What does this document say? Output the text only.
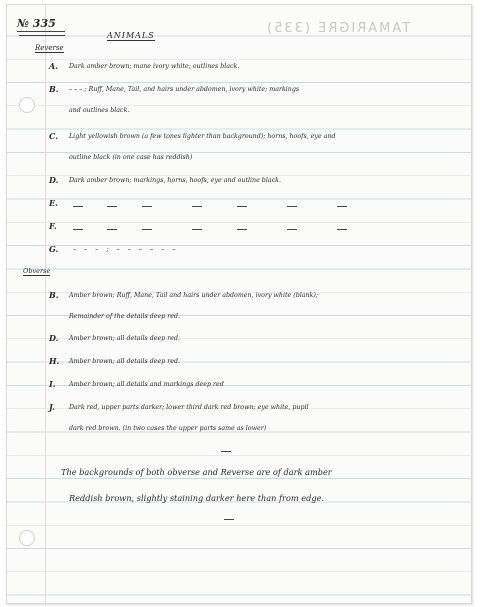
TAMARIGRE (335)
№ 335
Reverse
ANIMALS
A. Dark amber brown; mane ivory white; outlines black.
B. – – – ; Ruff, Mane, Tail, and hairs under abdomen, ivory white; markings
and outlines black.
C. Light yellowish brown (a few tones lighter than background); horns, hoofs, eye and
outline black (in one case has reddish)
D. Dark amber brown; markings, horns, hoofs, eye and outline black.
E.
F.
G. – – – ; – – – – – –
Obverse
B. Amber brown; Ruff, Mane, Tail and hairs under abdomen, ivory white (blank);
Remainder of the details deep red.
D. Amber brown; all details deep red.
H. Amber brown; all details deep red.
I. Amber brown; all details and markings deep red
J. Dark red, upper parts darker; lower third dark red brown; eye white, pupil
dark red brown. (in two cases the upper parts same as lower)
The backgrounds of both obverse and Reverse are of dark amber
Reddish brown, slightly staining darker here than from edge.
